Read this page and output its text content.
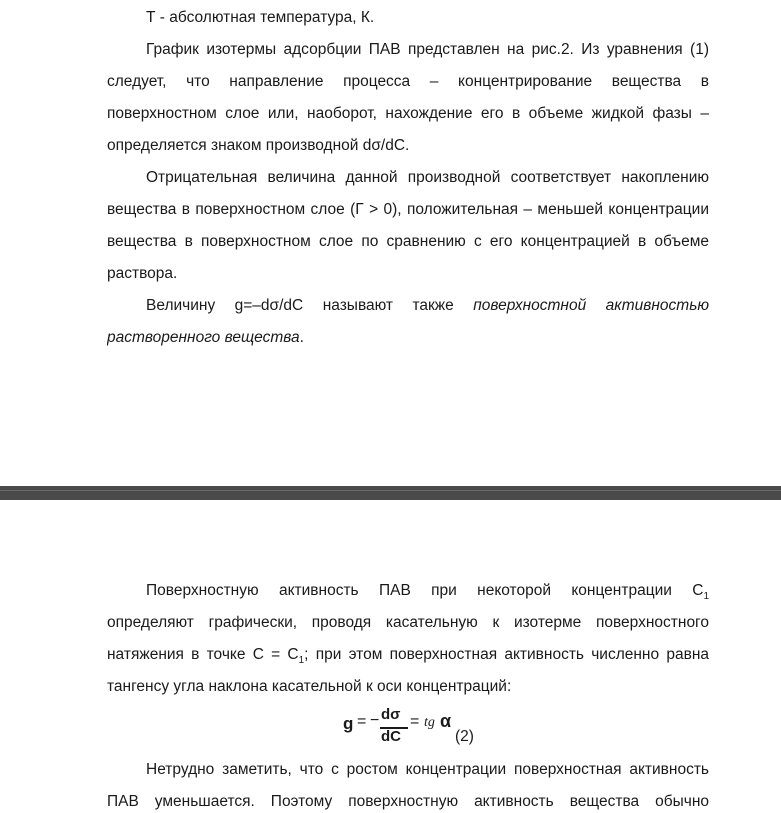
Т - абсолютная температура, К.
График изотермы адсорбции ПАВ представлен на рис.2. Из уравнения (1)
следует, что направление процесса – концентрирование вещества в
поверхностном слое или, наоборот, нахождение его в объеме жидкой фазы –
определяется знаком производной dσ/dC.
Отрицательная величина данной производной соответствует накоплению
вещества в поверхностном слое (Г > 0), положительная – меньшей концентрации
вещества в поверхностном слое по сравнению с его концентрацией в объеме
раствора.
Величину g=–dσ/dC называют также поверхностной активностью
растворенного вещества.
Поверхностную активность ПАВ при некоторой концентрации $С_1$
определяют графически, проводя касательную к изотерме поверхностного
натяжения в точке $С = С_1$; при этом поверхностная активность численно равна
тангенсу угла наклона касательной к оси концентраций:
g = − dσ
dC
= tg α
(2)
Нетрудно заметить, что с ростом концентрации поверхностная активность
ПАВ уменьшается. Поэтому поверхностную активность вещества обычно
